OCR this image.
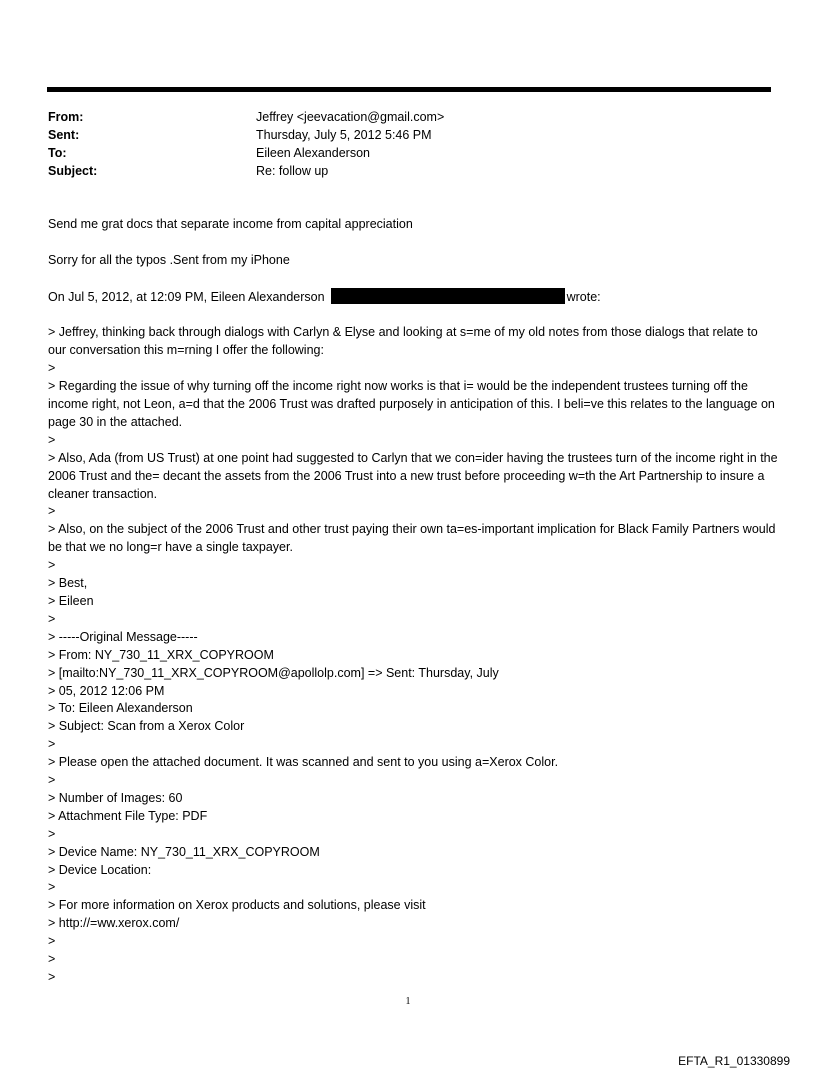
From:	Jeffrey <jeevacation@gmail.com>
Sent:	Thursday, July 5, 2012 5:46 PM
To:	Eileen Alexanderson
Subject:	Re: follow up

Send me grat docs that separate income from capital appreciation

Sorry for all the typos .Sent from my iPhone

On Jul 5, 2012, at 12:09 PM, Eileen Alexanderson	wrote:

> Jeffrey, thinking back through dialogs with Carlyn & Elyse and looking at s=me of my old notes from those dialogs that relate to our conversation this m=rning I offer the following:

>

> Regarding the issue of why turning off the income right now works is that i= would be the independent trustees turning off the income right, not Leon, a=d that the 2006 Trust was drafted purposely in anticipation of this. I beli=ve this relates to the language on page 30 in the attached.

>

> Also, Ada (from US Trust) at one point had suggested to Carlyn that we con=ider having the trustees turn of the income right in the 2006 Trust and the= decant the assets from the 2006 Trust into a new trust before proceeding w=th the Art Partnership to insure a cleaner transaction.

>

> Also, on the subject of the 2006 Trust and other trust paying their own ta=es-important implication for Black Family Partners would be that we no long=r have a single taxpayer.

>

> Best,

> Eileen

>

> -----Original Message-----

> From: NY_730_11_XRX_COPYROOM

> [mailto:NY_730_11_XRX_COPYROOM@apollolp.com] => Sent: Thursday, July

> 05, 2012 12:06 PM

> To: Eileen Alexanderson

> Subject: Scan from a Xerox Color

>

> Please open the attached document. It was scanned and sent to you using a=Xerox Color.

>

> Number of Images: 60

> Attachment File Type: PDF

>

> Device Name: NY_730_11_XRX_COPYROOM

> Device Location:

>

> For more information on Xerox products and solutions, please visit

> http://=ww.xerox.com/

>

>

>

1
EFTA_R1_01330899
